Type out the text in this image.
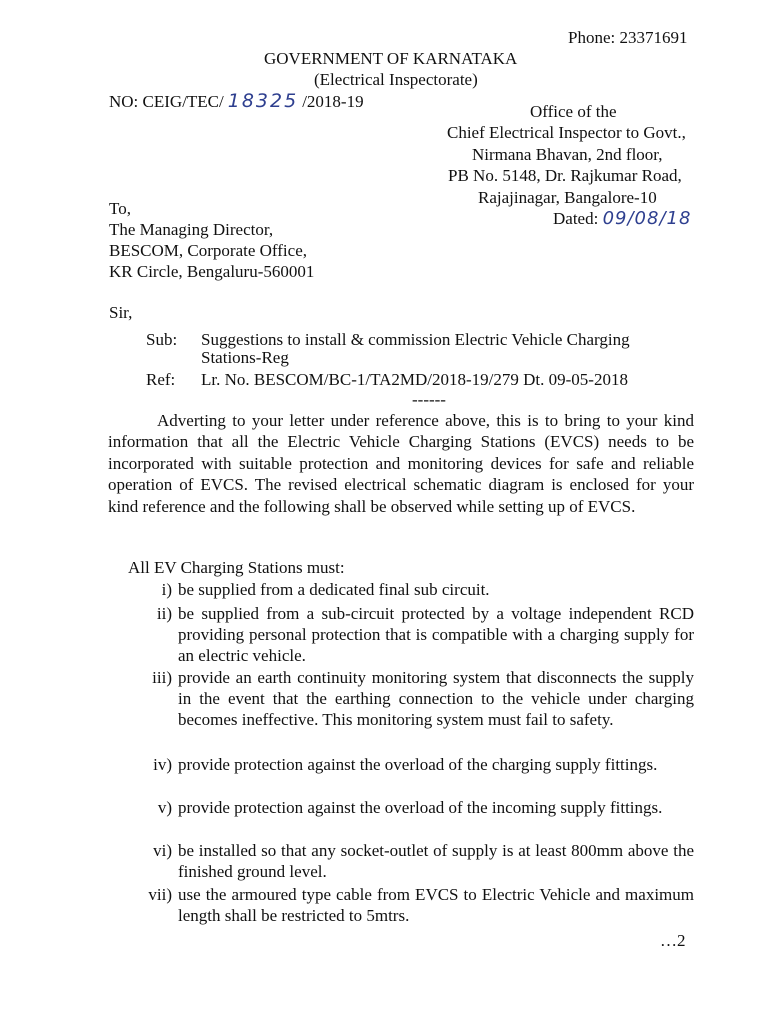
Phone: 23371691
GOVERNMENT OF KARNATAKA
(Electrical Inspectorate)
NO: CEIG/TEC/ 18325 /2018-19
Office of the
Chief Electrical Inspector to Govt.,
Nirmana Bhavan, 2nd floor,
PB No. 5148, Dr. Rajkumar Road,
Rajajinagar, Bangalore-10
Dated: 09/08/18
To,
The Managing Director,
BESCOM, Corporate Office,
KR Circle, Bengaluru-560001
Sir,
Sub: Suggestions to install & commission Electric Vehicle Charging
Stations-Reg
Ref: Lr. No. BESCOM/BC-1/TA2MD/2018-19/279 Dt. 09-05-2018
------
Adverting to your letter under reference above, this is to bring to your kind information that all the Electric Vehicle Charging Stations (EVCS) needs to be incorporated with suitable protection and monitoring devices for safe and reliable operation of EVCS. The revised electrical schematic diagram is enclosed for your kind reference and the following shall be observed while setting up of EVCS.
All EV Charging Stations must:
i) be supplied from a dedicated final sub circuit.
ii) be supplied from a sub-circuit protected by a voltage independent RCD providing personal protection that is compatible with a charging supply for an electric vehicle.
iii) provide an earth continuity monitoring system that disconnects the supply in the event that the earthing connection to the vehicle under charging becomes ineffective. This monitoring system must fail to safety.
iv) provide protection against the overload of the charging supply fittings.
v) provide protection against the overload of the incoming supply fittings.
vi) be installed so that any socket-outlet of supply is at least 800mm above the finished ground level.
vii) use the armoured type cable from EVCS to Electric Vehicle and maximum length shall be restricted to 5mtrs.
…2
